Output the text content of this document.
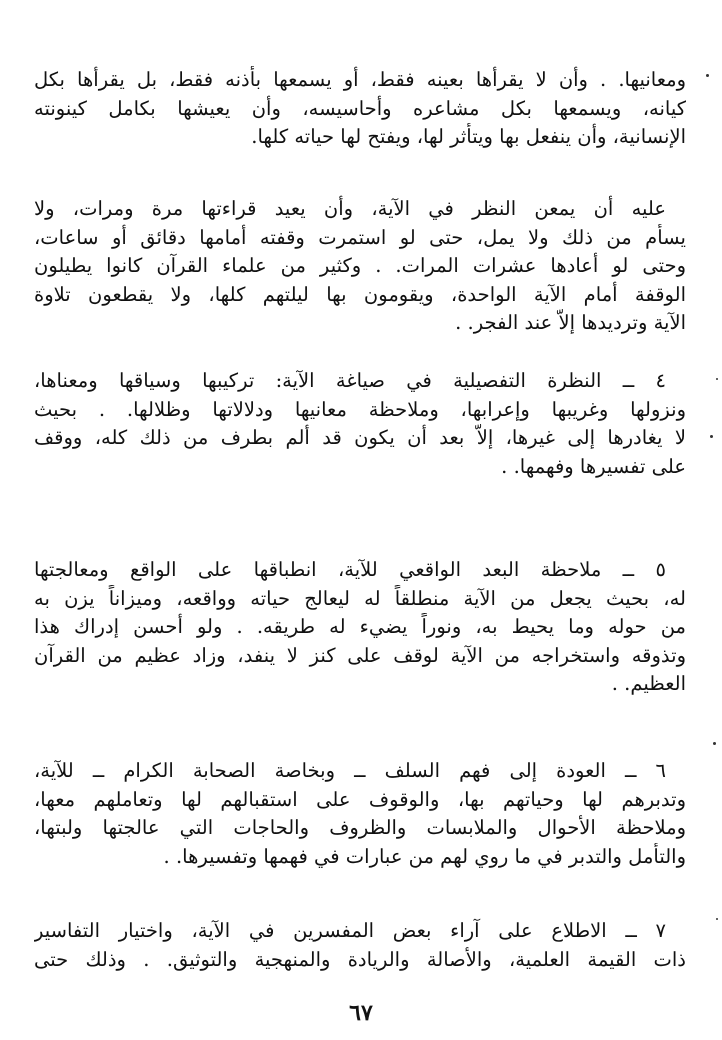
ومعانيها. . وأن لا يقرأها بعينه فقط، أو يسمعها بأذنه فقط، بل يقرأها بكل
كيانه، ويسمعها بكل مشاعره وأحاسيسه، وأن يعيشها بكامل كينونته
الإنسانية، وأن ينفعل بها ويتأثر لها، ويفتح لها حياته كلها.
عليه أن يمعن النظر في الآية، وأن يعيد قراءتها مرة ومرات، ولا
يسأم من ذلك ولا يمل، حتى لو استمرت وقفته أمامها دقائق أو ساعات،
وحتى لو أعادها عشرات المرات. . وكثير من علماء القرآن كانوا يطيلون
الوقفة أمام الآية الواحدة، ويقومون بها ليلتهم كلها، ولا يقطعون تلاوة
الآية وترديدها إلاَّ عند الفجر. .
٤ ــ النظرة التفصيلية في صياغة الآية: تركيبها وسياقها ومعناها،
ونزولها وغريبها وإعرابها، وملاحظة معانيها ودلالاتها وظلالها. . بحيث
لا يغادرها إلى غيرها، إلاَّ بعد أن يكون قد ألم بطرف من ذلك كله، ووقف
على تفسيرها وفهمها. .
٥ ــ ملاحظة البعد الواقعي للآية، انطباقها على الواقع ومعالجتها
له، بحيث يجعل من الآية منطلقاً له ليعالج حياته وواقعه، وميزاناً يزن به
من حوله وما يحيط به، ونوراً يضيء له طريقه. . ولو أحسن إدراك هذا
وتذوقه واستخراجه من الآية لوقف على كنز لا ينفد، وزاد عظيم من القرآن
العظيم. .
٦ ــ العودة إلى فهم السلف ــ وبخاصة الصحابة الكرام ــ للآية،
وتدبرهم لها وحياتهم بها، والوقوف على استقبالهم لها وتعاملهم معها،
وملاحظة الأحوال والملابسات والظروف والحاجات التي عالجتها ولبتها،
والتأمل والتدبر في ما روي لهم من عبارات في فهمها وتفسيرها. .
٧ ــ الاطلاع على آراء بعض المفسرين في الآية، واختيار التفاسير
ذات القيمة العلمية، والأصالة والريادة والمنهجية والتوثيق. . وذلك حتى
٦٧
